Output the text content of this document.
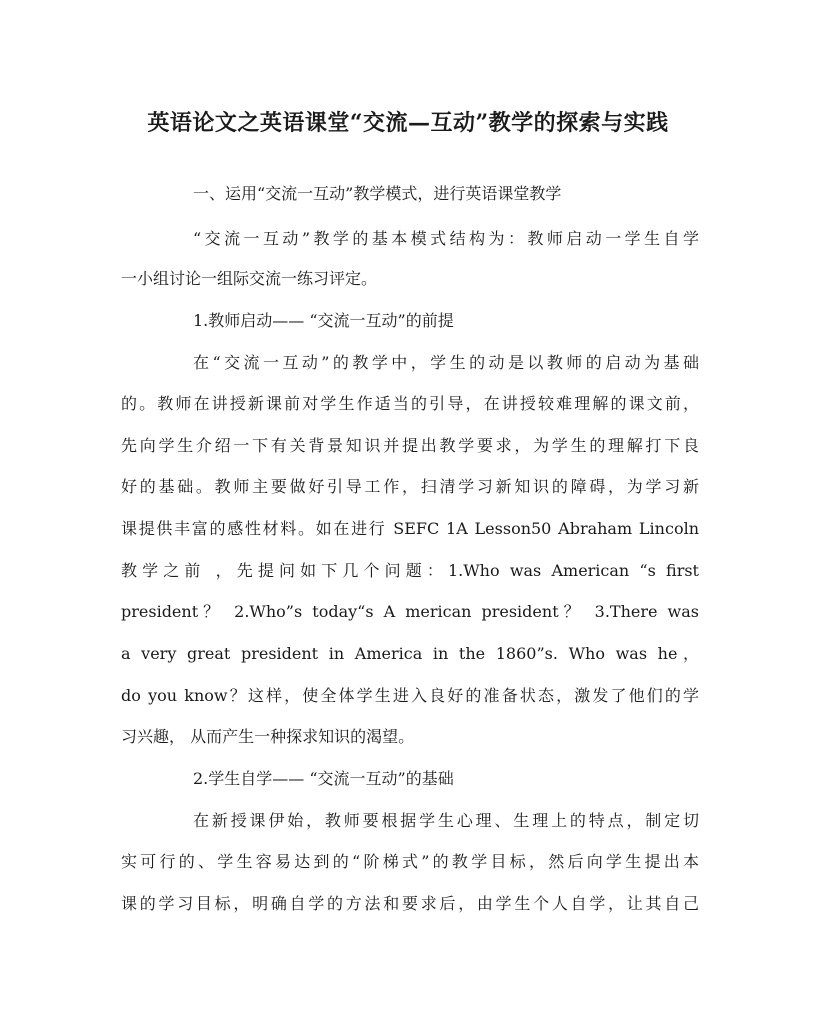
英语论文之英语课堂“交流—互动”教学的探索与实践
一、运用“交流一互动”教学模式，进行英语课堂教学
“交流一互动”教学的基本模式结构为：教师启动一学生自学
一小组讨论一组际交流一练习评定。
1.教师启动—— “交流一互动”的前提
在“交流一互动”的教学中，学生的动是以教师的启动为基础
的。教师在讲授新课前对学生作适当的引导，在讲授较难理解的课文前，
先向学生介绍一下有关背景知识并提出教学要求，为学生的理解打下良
好的基础。教师主要做好引导工作，扫清学习新知识的障碍，为学习新
课提供丰富的感性材料。如在进行 SEFC 1A Lesson50 Abraham Lincoln
教学之前 ，先提问如下几个问题：1.Who was American “s first
president？ 2.Who”s today“s A merican president？ 3.There was
a very great president in America in the 1860”s. Who was he，
do you know？这样，使全体学生进入良好的准备状态，激发了他们的学
习兴趣， 从而产生一种探求知识的渴望。
2.学生自学—— “交流一互动”的基础
在新授课伊始，教师要根据学生心理、生理上的特点，制定切
实可行的、学生容易达到的“阶梯式”的教学目标，然后向学生提出本
课的学习目标，明确自学的方法和要求后，由学生个人自学，让其自己
